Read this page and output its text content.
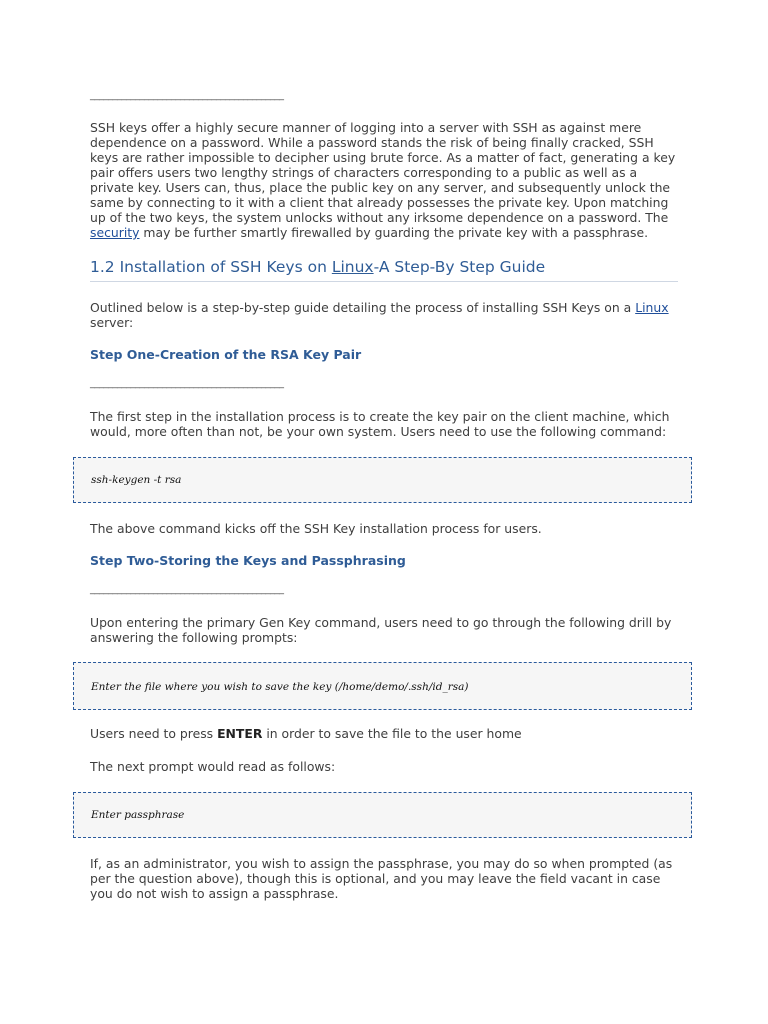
___________________________________________
SSH keys offer a highly secure manner of logging into a server with SSH as against mere dependence on a password. While a password stands the risk of being finally cracked, SSH keys are rather impossible to decipher using brute force. As a matter of fact, generating a key pair offers users two lengthy strings of characters corresponding to a public as well as a private key. Users can, thus, place the public key on any server, and subsequently unlock the same by connecting to it with a client that already possesses the private key. Upon matching up of the two keys, the system unlocks without any irksome dependence on a password. The security may be further smartly firewalled by guarding the private key with a passphrase.
1.2 Installation of SSH Keys on Linux-A Step-By Step Guide
Outlined below is a step-by-step guide detailing the process of installing SSH Keys on a Linux server:
Step One-Creation of the RSA Key Pair
___________________________________________
The first step in the installation process is to create the key pair on the client machine, which would, more often than not, be your own system. Users need to use the following command:
ssh-keygen -t rsa
The above command kicks off the SSH Key installation process for users.
Step Two-Storing the Keys and Passphrasing
___________________________________________
Upon entering the primary Gen Key command, users need to go through the following drill by answering the following prompts:
Enter the file where you wish to save the key (/home/demo/.ssh/id_rsa)
Users need to press ENTER in order to save the file to the user home
The next prompt would read as follows:
Enter passphrase
If, as an administrator, you wish to assign the passphrase, you may do so when prompted (as per the question above), though this is optional, and you may leave the field vacant in case you do not wish to assign a passphrase.
